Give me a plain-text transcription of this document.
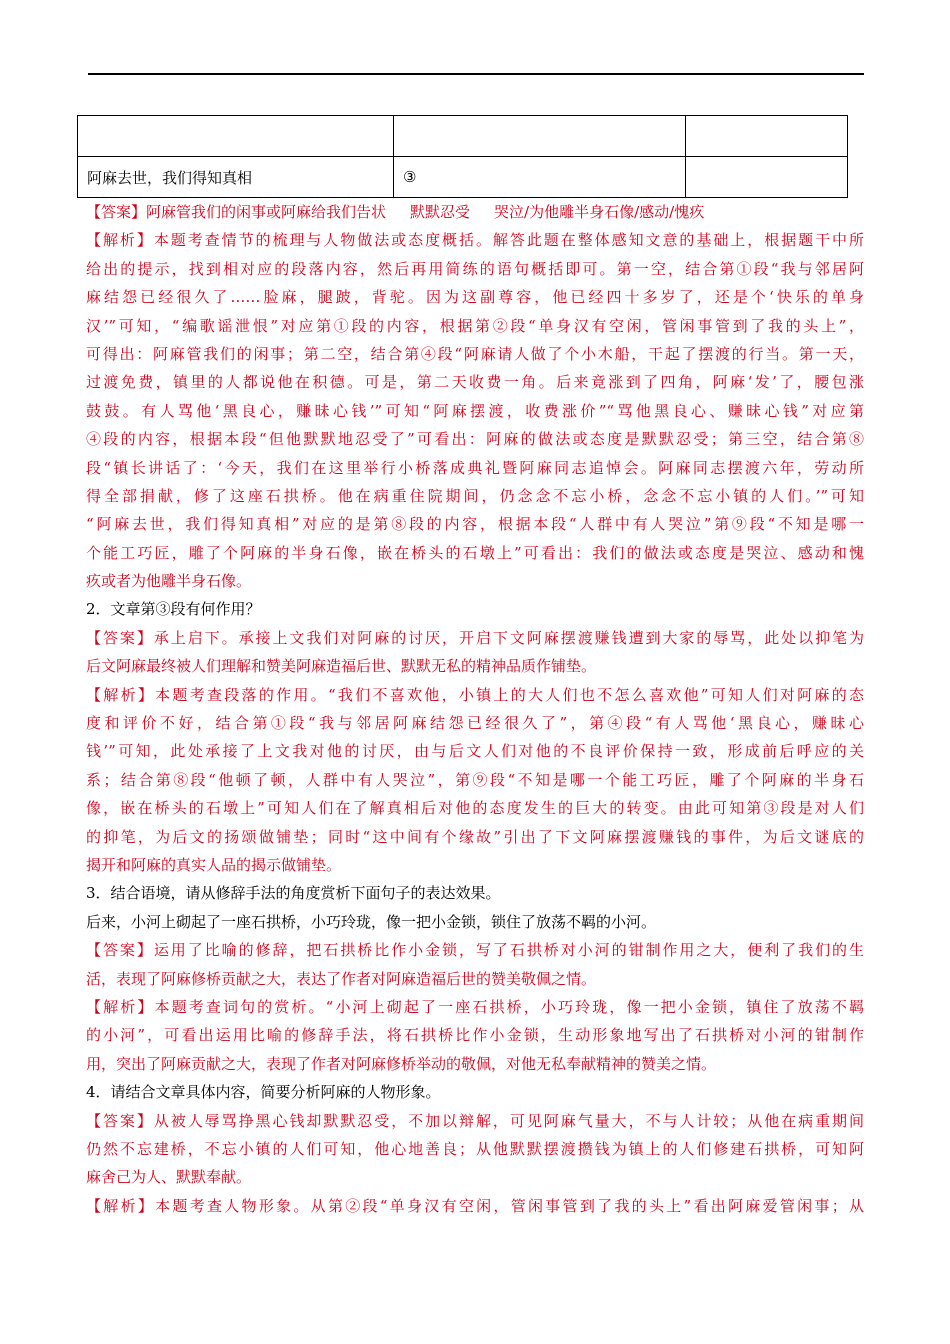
阿麻去世，我们得知真相	③	
【答案】阿麻管我们的闲事或阿麻给我们告状 默默忍受 哭泣/为他雕半身石像/感动/愧疚
【解析】本题考查情节的梳理与人物做法或态度概括。解答此题在整体感知文意的基础上，根据题干中所
给出的提示，找到相对应的段落内容，然后再用简练的语句概括即可。第一空，结合第①段“我与邻居阿
麻结怨已经很久了……脸麻，腿跛，背驼。因为这副尊容，他已经四十多岁了，还是个‘快乐的单身
汉’”可知，“编歌谣泄恨”对应第①段的内容，根据第②段“单身汉有空闲，管闲事管到了我的头上”，
可得出：阿麻管我们的闲事；第二空，结合第④段“阿麻请人做了个小木船，干起了摆渡的行当。第一天，
过渡免费，镇里的人都说他在积德。可是，第二天收费一角。后来竟涨到了四角，阿麻‘发’了，腰包涨
鼓鼓。有人骂他‘黑良心，赚昧心钱’”可知“阿麻摆渡，收费涨价”“骂他黑良心、赚昧心钱”对应第
④段的内容，根据本段“但他默默地忍受了”可看出：阿麻的做法或态度是默默忍受；第三空，结合第⑧
段“镇长讲话了：‘今天，我们在这里举行小桥落成典礼暨阿麻同志追悼会。阿麻同志摆渡六年，劳动所
得全部捐献，修了这座石拱桥。他在病重住院期间，仍念念不忘小桥，念念不忘小镇的人们。’”可知
“阿麻去世，我们得知真相”对应的是第⑧段的内容，根据本段“人群中有人哭泣”第⑨段“不知是哪一
个能工巧匠，雕了个阿麻的半身石像，嵌在桥头的石墩上”可看出：我们的做法或态度是哭泣、感动和愧
疚或者为他雕半身石像。
2．文章第③段有何作用？
【答案】承上启下。承接上文我们对阿麻的讨厌，开启下文阿麻摆渡赚钱遭到大家的辱骂，此处以抑笔为
后文阿麻最终被人们理解和赞美阿麻造福后世、默默无私的精神品质作铺垫。
【解析】本题考查段落的作用。“我们不喜欢他，小镇上的大人们也不怎么喜欢他”可知人们对阿麻的态
度和评价不好，结合第①段“我与邻居阿麻结怨已经很久了”，第④段“有人骂他‘黑良心，赚昧心
钱’”可知，此处承接了上文我对他的讨厌，由与后文人们对他的不良评价保持一致，形成前后呼应的关
系；结合第⑧段“他顿了顿，人群中有人哭泣”，第⑨段“不知是哪一个能工巧匠，雕了个阿麻的半身石
像，嵌在桥头的石墩上”可知人们在了解真相后对他的态度发生的巨大的转变。由此可知第③段是对人们
的抑笔，为后文的扬颂做铺垫；同时“这中间有个缘故”引出了下文阿麻摆渡赚钱的事件，为后文谜底的
揭开和阿麻的真实人品的揭示做铺垫。
3．结合语境，请从修辞手法的角度赏析下面句子的表达效果。
后来，小河上砌起了一座石拱桥，小巧玲珑，像一把小金锁，锁住了放荡不羁的小河。
【答案】运用了比喻的修辞，把石拱桥比作小金锁，写了石拱桥对小河的钳制作用之大，便利了我们的生
活，表现了阿麻修桥贡献之大，表达了作者对阿麻造福后世的赞美敬佩之情。
【解析】本题考查词句的赏析。“小河上砌起了一座石拱桥，小巧玲珑，像一把小金锁，镇住了放荡不羁
的小河”，可看出运用比喻的修辞手法，将石拱桥比作小金锁，生动形象地写出了石拱桥对小河的钳制作
用，突出了阿麻贡献之大，表现了作者对阿麻修桥举动的敬佩，对他无私奉献精神的赞美之情。
4．请结合文章具体内容，简要分析阿麻的人物形象。
【答案】从被人辱骂挣黑心钱却默默忍受，不加以辩解，可见阿麻气量大，不与人计较；从他在病重期间
仍然不忘建桥，不忘小镇的人们可知，他心地善良；从他默默摆渡攒钱为镇上的人们修建石拱桥，可知阿
麻舍己为人、默默奉献。
【解析】本题考查人物形象。从第②段“单身汉有空闲，管闲事管到了我的头上”看出阿麻爱管闲事；从
